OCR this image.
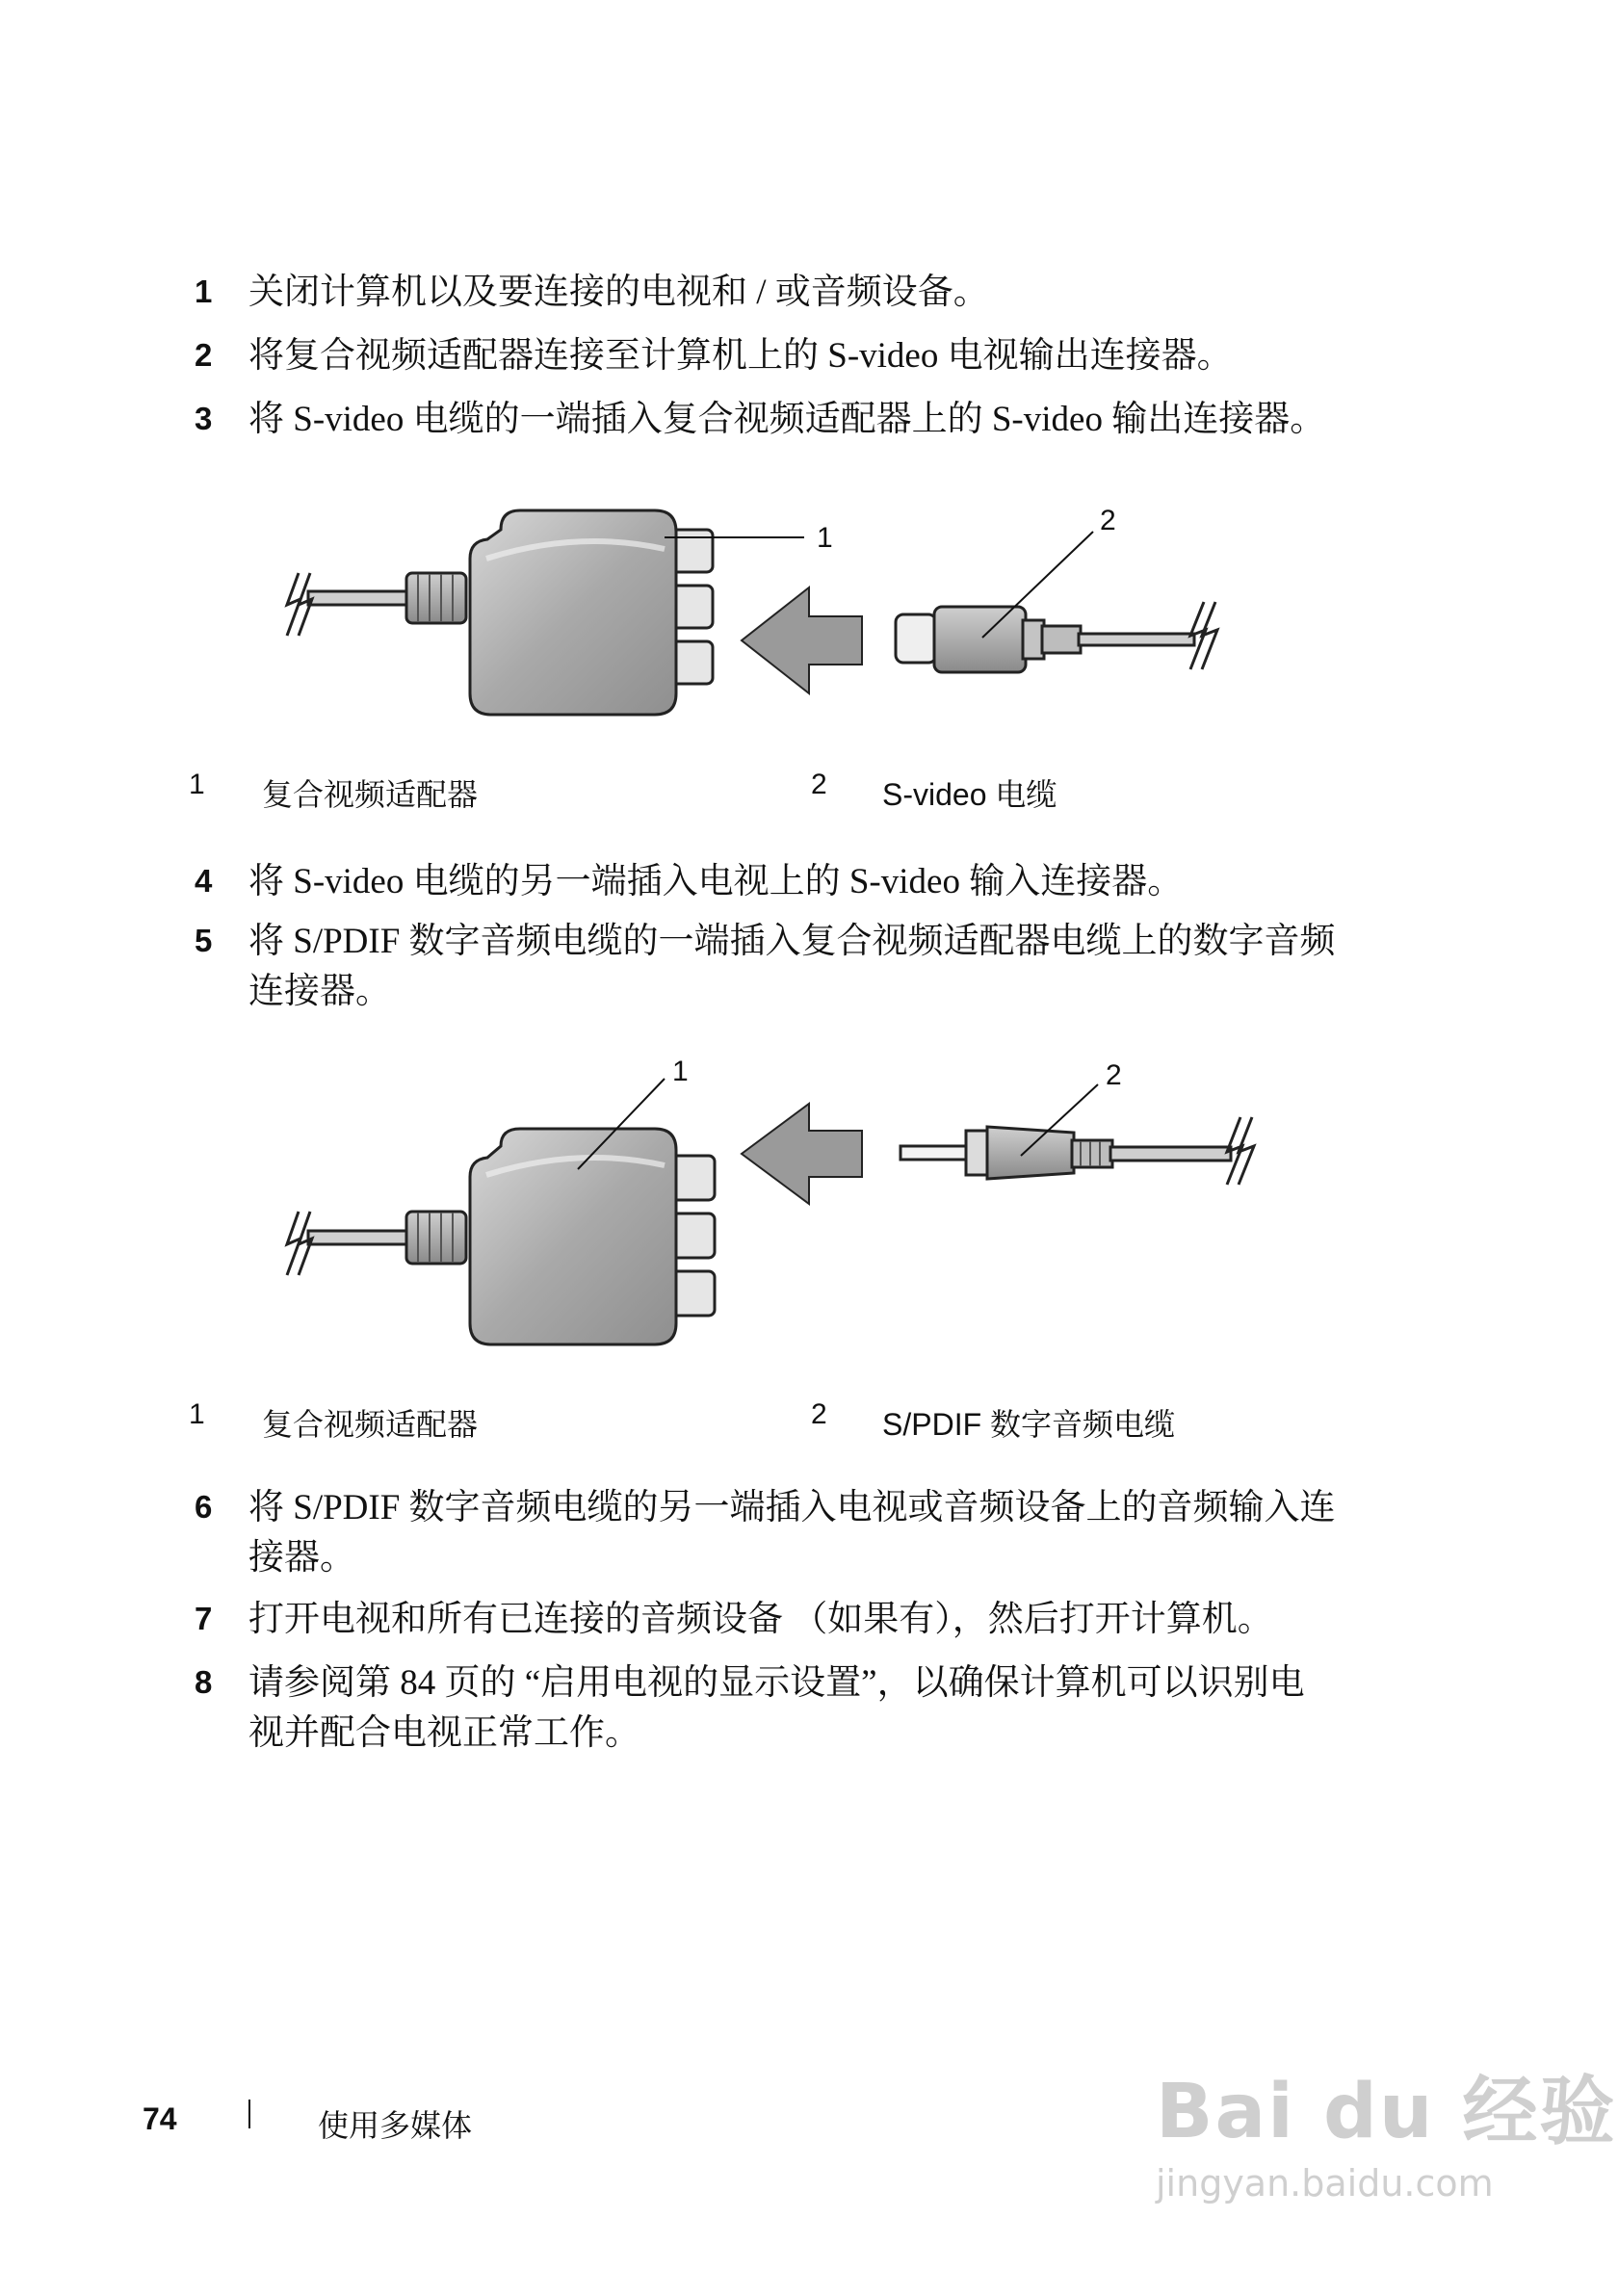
1 关闭计算机以及要连接的电视和 / 或音频设备。
2 将复合视频适配器连接至计算机上的 S-video 电视输出连接器。
3 将 S-video 电缆的一端插入复合视频适配器上的 S-video 输出连接器。
1
2
1 复合视频适配器	2 S-video 电缆
4 将 S-video 电缆的另一端插入电视上的 S-video 输入连接器。
5 将 S/PDIF 数字音频电缆的一端插入复合视频适配器电缆上的数字音频
连接器。
1	2
1 复合视频适配器	2 S/PDIF 数字音频电缆
6 将 S/PDIF 数字音频电缆的另一端插入电视或音频设备上的音频输入连
接器。
7 打开电视和所有已连接的音频设备 （如果有），然后打开计算机。
8 请参阅第 84 页的 “启用电视的显示设置”，以确保计算机可以识别电
视并配合电视正常工作。
74	使用多媒体	Bai du 经验
jingyan.baidu.com
